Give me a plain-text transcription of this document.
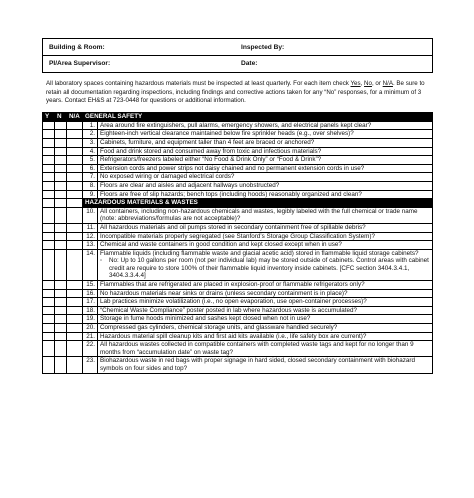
Building & Room:	Inspected By:
PI/Area Supervisor:	Date:
All laboratory spaces containing hazardous materials must be inspected at least quarterly. For each item check Yes, No, or N/A. Be sure to retain all documentation regarding inspections, including findings and corrective actions taken for any “No” responses, for a minimum of 3 years. Contact EH&S at 723-0448 for questions or additional information.
Y	N	N/A	GENERAL SAFETY	
			1.	Area around fire extinguishers, pull alarms, emergency showers, and electrical panels kept clear?

			2.	Eighteen-inch vertical clearance maintained below fire sprinkler heads (e.g., over shelves)?

			3.	Cabinets, furniture, and equipment taller than 4 feet are braced or anchored?

			4.	Food and drink stored and consumed away from toxic and infectious materials?

			5.	Refrigerators/freezers labeled either “No Food & Drink Only” or “Food & Drink”?

			6.	Extension cords and power strips not daisy chained and no permanent extension cords in use?

			7.	No exposed wiring or damaged electrical cords?

			8.	Floors are clear and aisles and adjacent hallways unobstructed?

			9.	Floors are free of slip hazards; bench tops (including hoods) reasonably organized and clean?

			HAZARDOUS MATERIALS & WASTES	
			10.	All containers, including non-hazardous chemicals and wastes, legibly labeled with the full chemical or trade name (note: abbreviations/formulas are not acceptable)?

			11.	All hazardous materials and oil pumps stored in secondary containment free of spillable debris?

			12.	Incompatible materials properly segregated (see Stanford’s Storage Group Classification System)?

			13.	Chemical and waste containers in good condition and kept closed except when in use?

			14.	Flammable liquids (including flammable waste and glacial acetic acid) stored in flammable liquid storage cabinets?
◦ No: Up to 10 gallons per room (not per individual lab) may be stored outside of cabinets. Control areas with cabinet credit are require to store 100% of their flammable liquid inventory inside cabinets. [CFC section 3404.3.4.1, 3404.3.3.4.4]

			15.	Flammables that are refrigerated are placed in explosion-proof or flammable refrigerators only?

			16.	No hazardous materials near sinks or drains (unless secondary containment is in place)?

			17.	Lab practices minimize volatilization (i.e., no open evaporation, use open-container processes)?

			18.	“Chemical Waste Compliance” poster posted in lab where hazardous waste is accumulated?

			19.	Storage in fume hoods minimized and sashes kept closed when not in use?

			20.	Compressed gas cylinders, chemical storage units, and glassware handled securely?

			21.	Hazardous material spill cleanup kits and first aid kits available (i.e., life safety box are current)?

			22.	All hazardous wastes collected in compatible containers with completed waste tags and kept for no longer than 9 months from “accumulation date” on waste tag?

			23.	Biohazardous waste in red bags with proper signage in hard sided, closed secondary containment with biohazard symbols on four sides and top?
